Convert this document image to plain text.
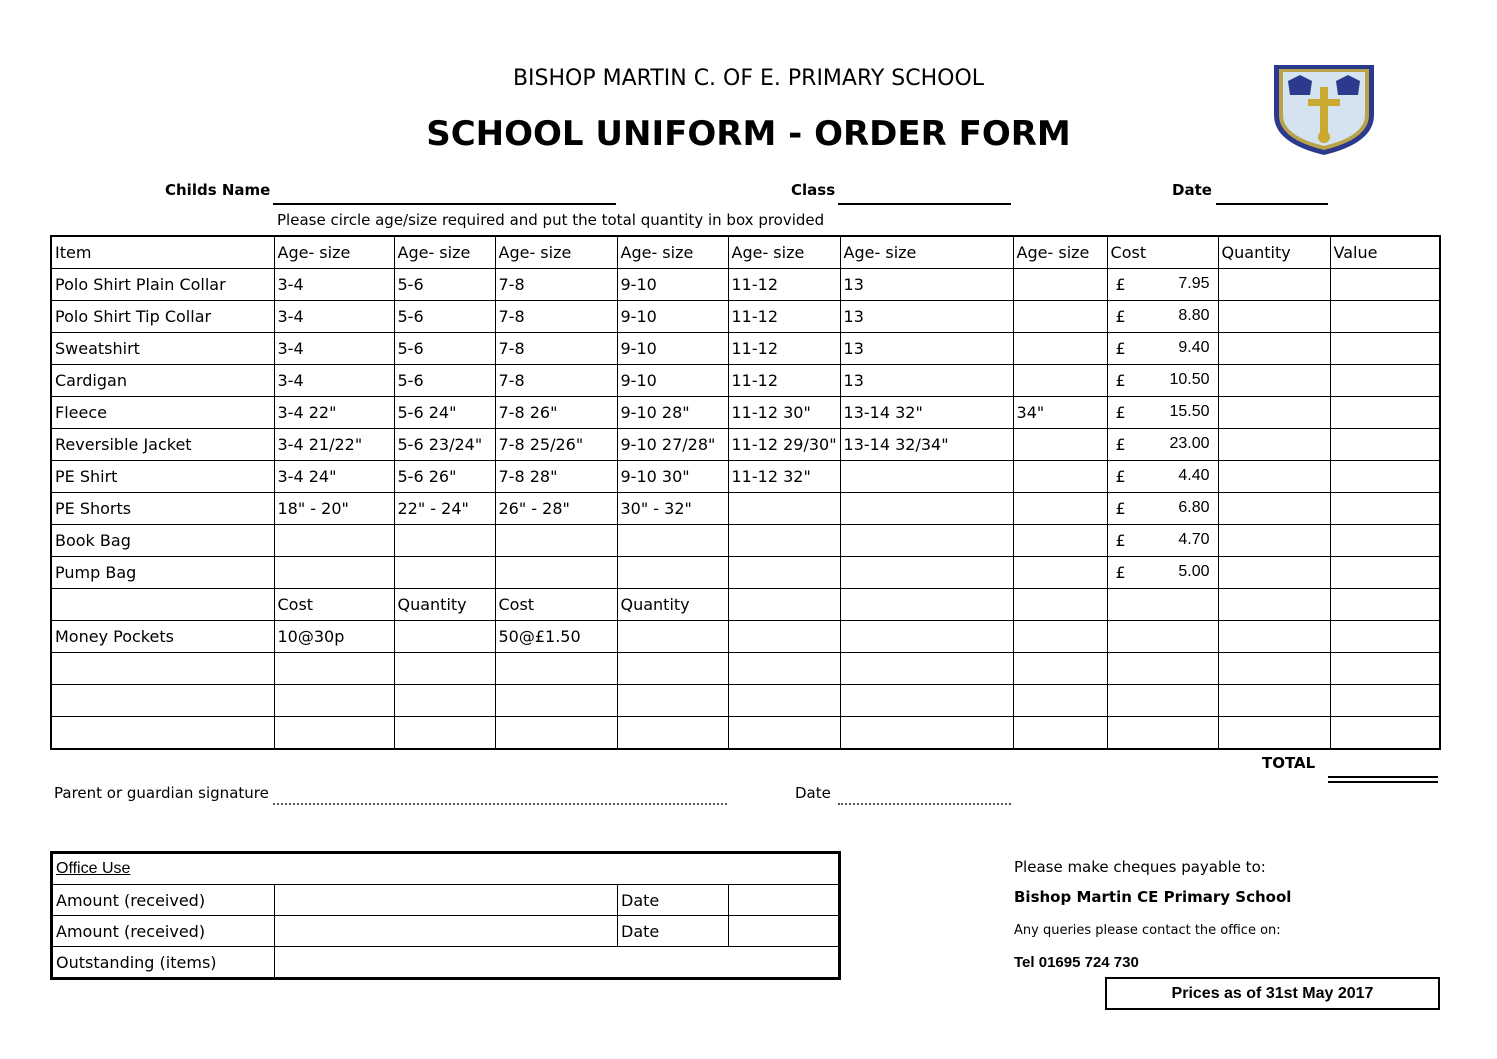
BISHOP MARTIN C. OF E. PRIMARY SCHOOL
SCHOOL UNIFORM - ORDER FORM
Childs Name	Class	Date
Please circle age/size required and put the total quantity in box provided
Item	Age- size	Age- size	Age- size	Age- size	Age- size	Age- size	Age- size	Cost	Quantity	Value
Polo Shirt Plain Collar	3-4	5-6	7-8	9-10	11-12	13		£ 7.95		

Polo Shirt Tip Collar	3-4	5-6	7-8	9-10	11-12	13		£ 8.80		

Sweatshirt	3-4	5-6	7-8	9-10	11-12	13		£ 9.40		

Cardigan	3-4	5-6	7-8	9-10	11-12	13		£ 10.50		

Fleece	3-4 22"	5-6 24"	7-8 26"	9-10 28"	11-12 30"	13-14 32"	34"	£ 15.50		

Reversible Jacket	3-4 21/22"	5-6 23/24"	7-8 25/26"	9-10 27/28"	11-12 29/30"	13-14 32/34"		£ 23.00		

PE Shirt	3-4 24"	5-6 26"	7-8 28"	9-10 30"	11-12 32"			£ 4.40		

PE Shorts	18" - 20"	22" - 24"	26" - 28"	30" - 32"				£ 6.80		

Book Bag								£ 4.70		

Pump Bag								£ 5.00		

	Cost	Quantity	Cost	Quantity				

Money Pockets	10@30p		50@£1.50					

TOTAL
Parent or guardian signature	Date
Office Use			
Amount (received)		Date	
Amount (received)		Date	
Outstanding (items)			
Please make cheques payable to:
Bishop Martin CE Primary School
Any queries please contact the office on:
Tel 01695 724 730
Prices as of 31st May 2017
